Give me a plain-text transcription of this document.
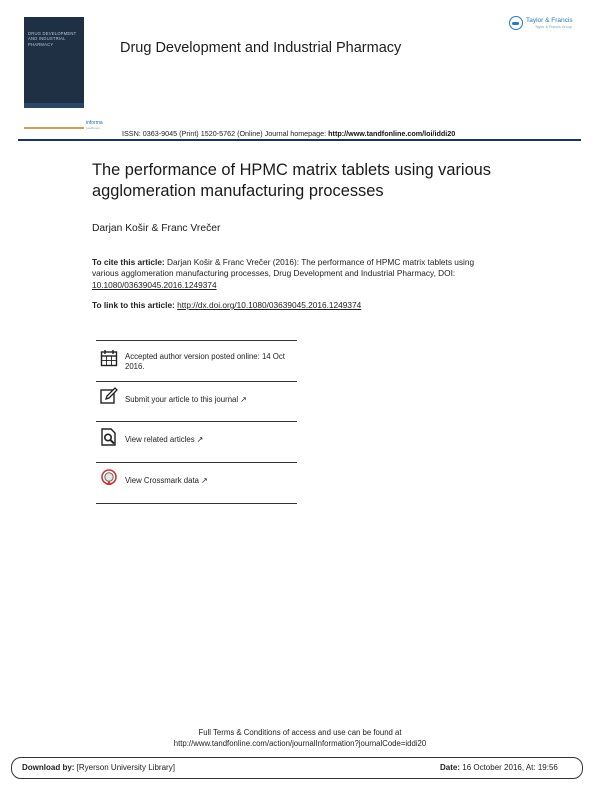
DRUG DEVELOPMENT AND INDUSTRIAL PHARMACY	Drug Development and Industrial Pharmacy
Taylor & Francis
Taylor & Francis Group
informa
healthcare
ISSN: 0363-9045 (Print) 1520-5762 (Online) Journal homepage: http://www.tandfonline.com/loi/iddi20
The performance of HPMC matrix tablets using various agglomeration manufacturing processes
Darjan Košir & Franc Vrečer
To cite this article: Darjan Košir & Franc Vrečer (2016): The performance of HPMC matrix tablets using various agglomeration manufacturing processes, Drug Development and Industrial Pharmacy, DOI: 10.1080/03639045.2016.1249374
To link to this article: http://dx.doi.org/10.1080/03639045.2016.1249374
Accepted author version posted online: 14 Oct 2016.
Submit your article to this journal ↗
View related articles ↗
View Crossmark data ↗
Full Terms & Conditions of access and use can be found at
http://www.tandfonline.com/action/journalInformation?journalCode=iddi20
Download by: [Ryerson University Library]	Date: 16 October 2016, At: 19:56
